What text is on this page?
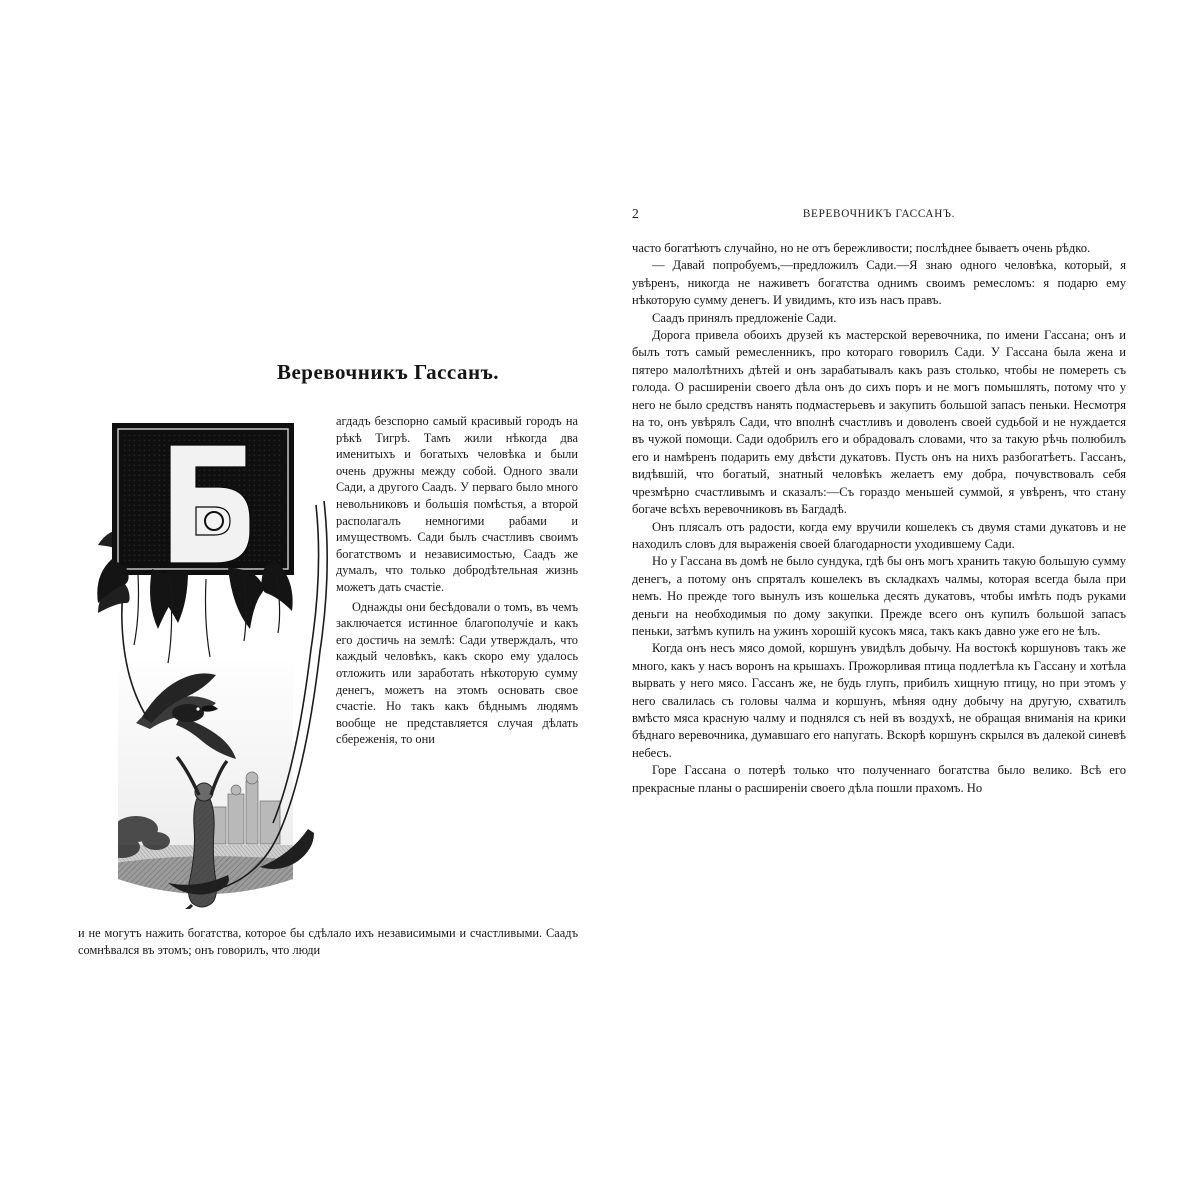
Веревочникъ Гассанъ.

агдадъ безспорно самый красивый городъ на рѣкѣ Тигрѣ. Тамъ жили нѣкогда два именитыхъ и богатыхъ человѣка и были очень дружны между собой. Одного звали Сади, а другого Саадъ. У перваго было много невольниковъ и большія помѣстья, а второй располагалъ немногими рабами и имуществомъ. Сади былъ счастливъ своимъ богатствомъ и независимостью, Саадъ же думалъ, что только добродѣтельная жизнь можетъ дать счастіе.

Однажды они бесѣдовали о томъ, въ чемъ заключается истинное благополучіе и какъ его достичь на землѣ: Сади утверждалъ, что каждый человѣкъ, какъ скоро ему удалось отложить или заработать нѣкоторую сумму денегъ, можетъ на этомъ основать свое счастіе. Но такъ какъ бѣднымъ людямъ вообще не представляется случая дѣлать сбереженія, то они

и не могутъ нажить богатства, которое бы сдѣлало ихъ независимыми и счастливыми. Саадъ сомнѣвался въ этомъ; онъ говорилъ, что люди

2	ВЕРЕВОЧНИКЪ ГАССАНЪ.

часто богатѣютъ случайно, но не отъ бережливости; послѣднее бываетъ очень рѣдко.

— Давай попробуемъ,—предложилъ Сади.—Я знаю одного человѣка, который, я увѣренъ, никогда не наживетъ богатства однимъ своимъ ремесломъ: я подарю ему нѣкоторую сумму денегъ. И увидимъ, кто изъ насъ правъ.

Саадъ принялъ предложеніе Сади.

Дорога привела обоихъ друзей къ мастерской веревочника, по имени Гассана; онъ и былъ тотъ самый ремесленникъ, про котораго говорилъ Сади. У Гассана была жена и пятеро малолѣтнихъ дѣтей и онъ зарабатывалъ какъ разъ столько, чтобы не помереть съ голода. О расширеніи своего дѣла онъ до сихъ поръ и не могъ помышлять, потому что у него не было средствъ нанять подмастерьевъ и закупить большой запасъ пеньки. Несмотря на то, онъ увѣрялъ Сади, что вполнѣ счастливъ и доволенъ своей судьбой и не нуждается въ чужой помощи. Сади одобрилъ его и обрадовалъ словами, что за такую рѣчь полюбилъ его и намѣренъ подарить ему двѣсти дукатовъ. Пусть онъ на нихъ разбогатѣетъ. Гассанъ, видѣвшій, что богатый, знатный человѣкъ желаетъ ему добра, почувствовалъ себя чрезмѣрно счастливымъ и сказалъ:—Съ гораздо меньшей суммой, я увѣренъ, что стану богаче всѣхъ веревочниковъ въ Багдадѣ.

Онъ плясалъ отъ радости, когда ему вручили кошелекъ съ двумя стами дукатовъ и не находилъ словъ для выраженія своей благодарности уходившему Сади.

Но у Гассана въ домѣ не было сундука, гдѣ бы онъ могъ хранить такую большую сумму денегъ, а потому онъ спряталъ кошелекъ въ складкахъ чалмы, которая всегда была при немъ. Но прежде того вынулъ изъ кошелька десять дукатовъ, чтобы имѣть подъ руками деньги на необходимыя по дому закупки. Прежде всего онъ купилъ большой запасъ пеньки, затѣмъ купилъ на ужинъ хорошій кусокъ мяса, такъ какъ давно уже его не ѣлъ.

Когда онъ несъ мясо домой, коршунъ увидѣлъ добычу. На востокѣ коршуновъ такъ же много, какъ у насъ воронъ на крышахъ. Прожорливая птица подлетѣла къ Гассану и хотѣла вырвать у него мясо. Гассанъ же, не будь глупъ, прибилъ хищную птицу, но при этомъ у него свалилась съ головы чалма и коршунъ, мѣняя одну добычу на другую, схватилъ вмѣсто мяса красную чалму и поднялся съ ней въ воздухѣ, не обращая вниманія на крики бѣднаго веревочника, думавшаго его напугать. Вскорѣ коршунъ скрылся въ далекой синевѣ небесъ.

Горе Гассана о потерѣ только что полученнаго богатства было велико. Всѣ его прекрасные планы о расширеніи своего дѣла пошли прахомъ. Но
